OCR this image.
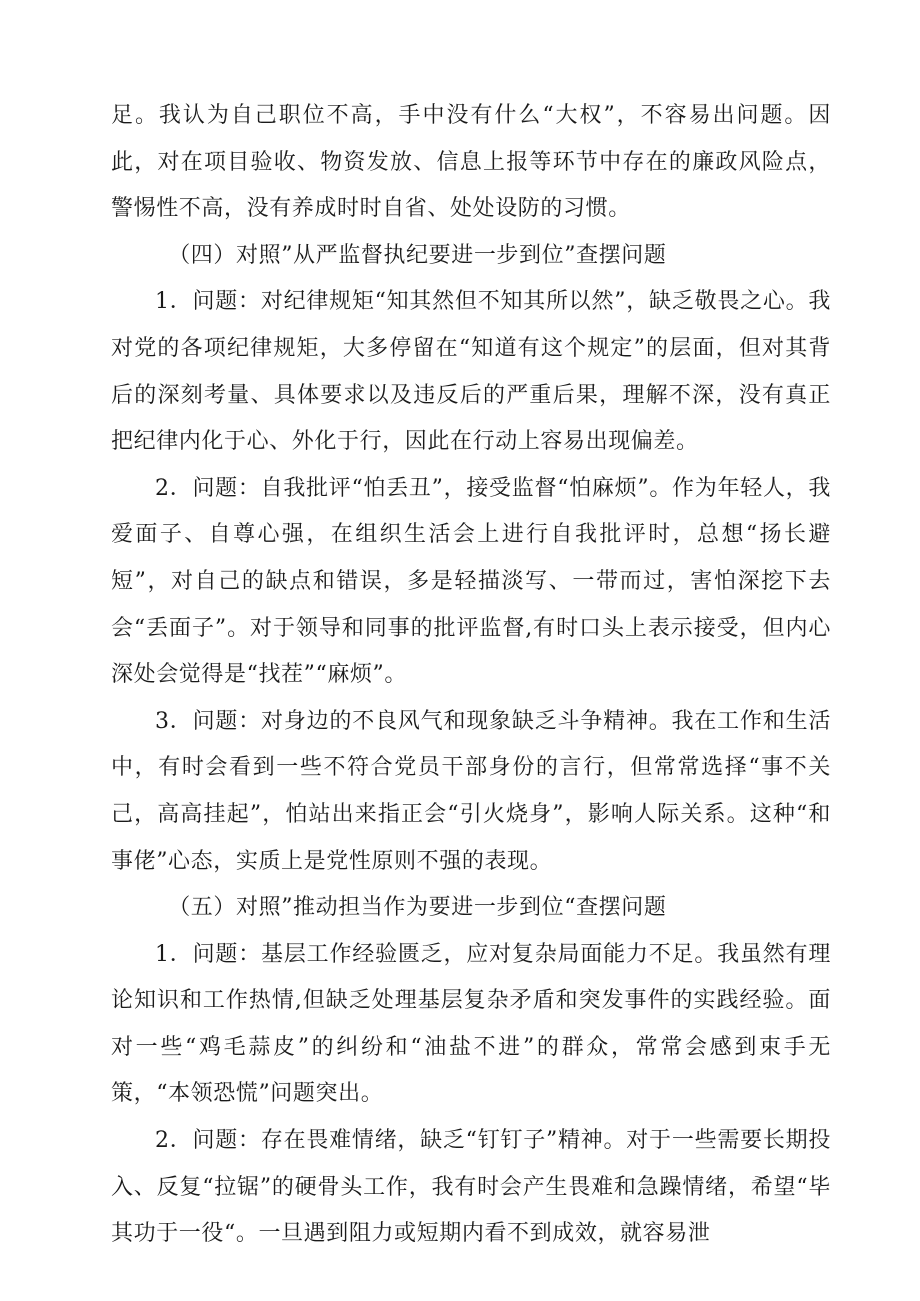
足。我认为自己职位不高，手中没有什么“大权”，不容易出问题。因此，对在项目验收、物资发放、信息上报等环节中存在的廉政风险点，警惕性不高，没有养成时时自省、处处设防的习惯。

（四）对照”从严监督执纪要进一步到位”查摆问题

1．问题：对纪律规矩“知其然但不知其所以然”，缺乏敬畏之心。我对党的各项纪律规矩，大多停留在“知道有这个规定”的层面，但对其背后的深刻考量、具体要求以及违反后的严重后果，理解不深，没有真正把纪律内化于心、外化于行，因此在行动上容易出现偏差。

2．问题：自我批评“怕丢丑”，接受监督“怕麻烦”。作为年轻人，我爱面子、自尊心强，在组织生活会上进行自我批评时，总想“扬长避短”，对自己的缺点和错误，多是轻描淡写、一带而过，害怕深挖下去会“丢面子”。对于领导和同事的批评监督,有时口头上表示接受，但内心深处会觉得是“找茬”“麻烦”。

3．问题：对身边的不良风气和现象缺乏斗争精神。我在工作和生活中，有时会看到一些不符合党员干部身份的言行，但常常选择“事不关己，高高挂起”，怕站出来指正会“引火烧身”，影响人际关系。这种“和事佬”心态，实质上是党性原则不强的表现。

（五）对照”推动担当作为要进一步到位“查摆问题

1．问题：基层工作经验匮乏，应对复杂局面能力不足。我虽然有理论知识和工作热情,但缺乏处理基层复杂矛盾和突发事件的实践经验。面对一些“鸡毛蒜皮”的纠纷和“油盐不进”的群众，常常会感到束手无策，“本领恐慌”问题突出。

2．问题：存在畏难情绪，缺乏“钉钉子”精神。对于一些需要长期投入、反复“拉锯”的硬骨头工作，我有时会产生畏难和急躁情绪，希望“毕其功于一役“。一旦遇到阻力或短期内看不到成效，就容易泄
